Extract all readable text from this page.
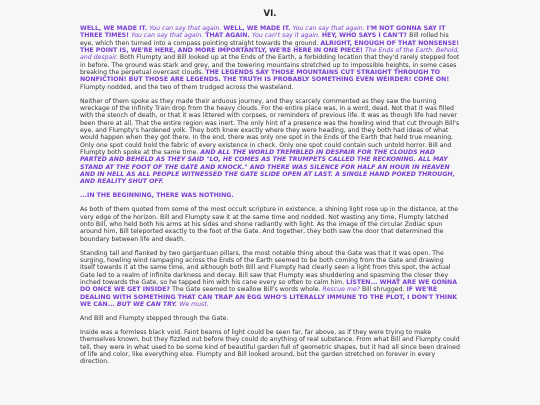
VI.

WELL, WE MADE IT. You can say that again. WELL, WE MADE IT. You can say that again. I'M NOT GONNA SAY IT THREE TIMES! You can say that again. THAT AGAIN. You can't say it again. HEY, WHO SAYS I CAN'T? Bill rolled his eye, which then turned into a compass pointing straight towards the ground. ALRIGHT, ENOUGH OF THAT NONSENSE! THE POINT IS, WE'RE HERE, AND MORE IMPORTANTLY, WE'RE HERE IN ONE PIECE! The Ends of the Earth. Behold, and despair. Both Flumpty and Bill looked up at the Ends of the Earth, a forbidding location that they'd rarely stepped foot in before. The ground was stark and grey, and the towering mountains stretched up to impossible heights, in some cases breaking the perpetual overcast clouds. THE LEGENDS SAY THOSE MOUNTAINS CUT STRAIGHT THROUGH TO NONFICTION! BUT THOSE ARE LEGENDS. THE TRUTH IS PROBABLY SOMETHING EVEN WEIRDER! COME ON! Flumpty nodded, and the two of them trudged across the wasteland.

Neither of them spoke as they made their arduous journey, and they scarcely commented as they saw the burning wreckage of the Infinity Train drop from the heavy clouds. For the entire place was, in a word, dead. Not that it was filled with the stench of death, or that it was littered with corpses, or reminders of previous life. It was as though life had never been there at all. That the entire region was inert. The only hint of a presence was the howling wind that cut through Bill's eye, and Flumpty's hardened yolk. They both knew exactly where they were heading, and they both had ideas of what would happen when they got there. In the end, there was only one spot in the Ends of the Earth that held true meaning. Only one spot could hold the fabric of every existence in check. Only one spot could contain such untold horror. Bill and Flumpty both spoke at the same time. AND ALL THE WORLD TREMBLED IN DESPAIR FOR THE CLOUDS HAD PARTED AND BEHELD AS THEY SAID "LO, HE COMES AS THE TRUMPETS CALLED THE RECKONING. ALL MAY STAND AT THE FOOT OF THE GATE AND KNOCK." AND THERE WAS SILENCE FOR HALF AN HOUR IN HEAVEN AND IN HELL AS ALL PEOPLE WITNESSED THE GATE SLIDE OPEN AT LAST. A SINGLE HAND POKED THROUGH, AND REALITY SHUT OFF.

...IN THE BEGINNING, THERE WAS NOTHING.

As both of them quoted from some of the most occult scripture in existence, a shining light rose up in the distance, at the very edge of the horizon. Bill and Flumpty saw it at the same time and nodded. Not wasting any time, Flumpty latched onto Bill, who held both his arms at his sides and shone radiantly with light. As the image of the circular Zodiac spun around him, Bill teleported exactly to the foot of the Gate. And together, they both saw the door that determined the boundary between life and death.

Standing tall and flanked by two gargantuan pillars, the most notable thing about the Gate was that it was open. The surging, howling wind rampaging across the Ends of the Earth seemed to be both coming from the Gate and drawing itself towards it at the same time, and although both Bill and Flumpty had clearly seen a light from this spot, the actual Gate led to a realm of infinite darkness and decay. Bill saw that Flumpty was shuddering and spasming the closer they inched towards the Gate, so he tapped him with his cane every so often to calm him. LISTEN... WHAT ARE WE GONNA DO ONCE WE GET INSIDE? The Gate seemed to swallow Bill's words whole. Rescue me? Bill shrugged. IF WE'RE DEALING WITH SOMETHING THAT CAN TRAP AN EGG WHO'S LITERALLY IMMUNE TO THE PLOT, I DON'T THINK WE CAN... BUT WE CAN TRY. We must.

And Bill and Flumpty stepped through the Gate.

Inside was a formless black void. Faint beams of light could be seen far, far above, as if they were trying to make themselves known, but they fizzled out before they could do anything of real substance. From what Bill and Flumpty could tell, they were in what used to be some kind of beautiful garden full of geometric shapes, but it had all since been drained of life and color, like everything else. Flumpty and Bill looked around, but the garden stretched on forever in every direction.
